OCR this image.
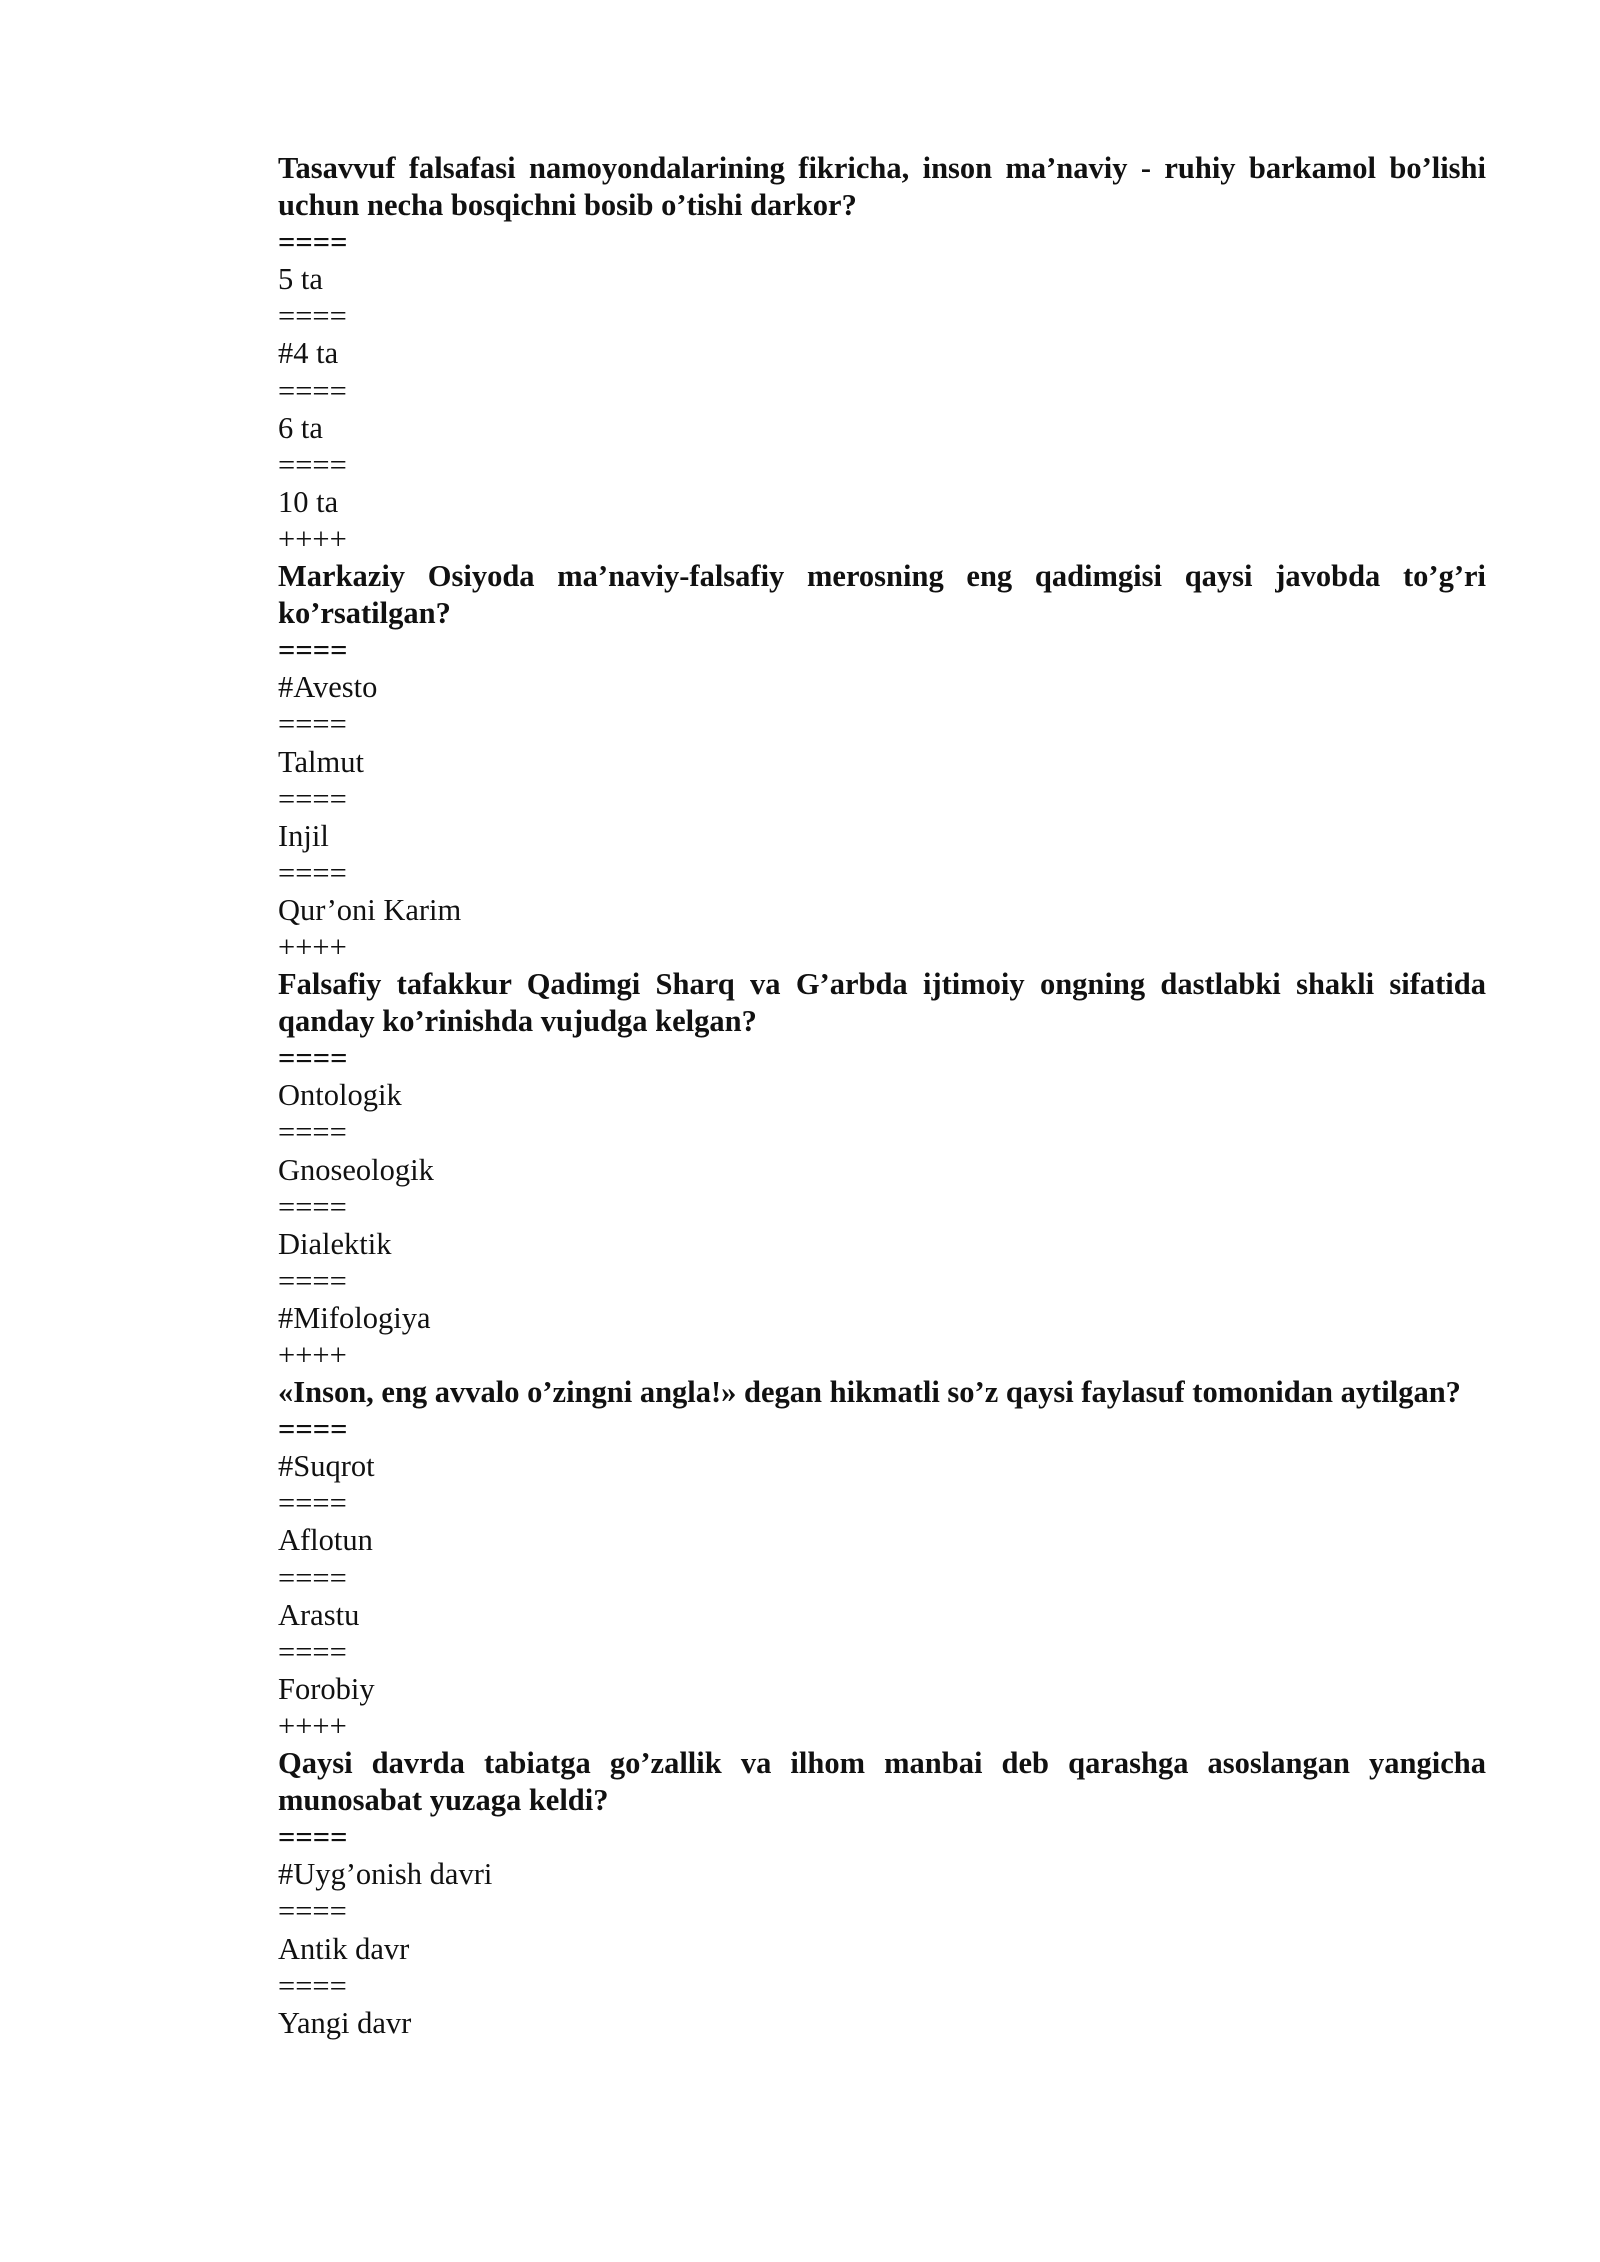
Tasavvuf falsafasi namoyondalarining fikricha, inson ma’naviy - ruhiy barkamol bo’lishi uchun necha bosqichni bosib o’tishi darkor?
====
5 ta
====
#4 ta
====
6 ta
====
10 ta
++++
Markaziy Osiyoda ma’naviy-falsafiy merosning eng qadimgisi qaysi javobda to’g’ri ko’rsatilgan?
====
#Avesto
====
Talmut
====
Injil
====
Qur’oni Karim
++++
Falsafiy tafakkur Qadimgi Sharq va G’arbda ijtimoiy ongning dastlabki shakli sifatida qanday ko’rinishda vujudga kelgan?
====
Ontologik
====
Gnoseologik
====
Dialektik
====
#Mifologiya
++++
«Inson, eng avvalo o’zingni angla!» degan hikmatli so’z qaysi faylasuf tomonidan aytilgan?
====
#Suqrot
====
Aflotun
====
Arastu
====
Forobiy
++++
Qaysi davrda tabiatga go’zallik va ilhom manbai deb qarashga asoslangan yangicha munosabat yuzaga keldi?
====
#Uyg’onish davri
====
Antik davr
====
Yangi davr
